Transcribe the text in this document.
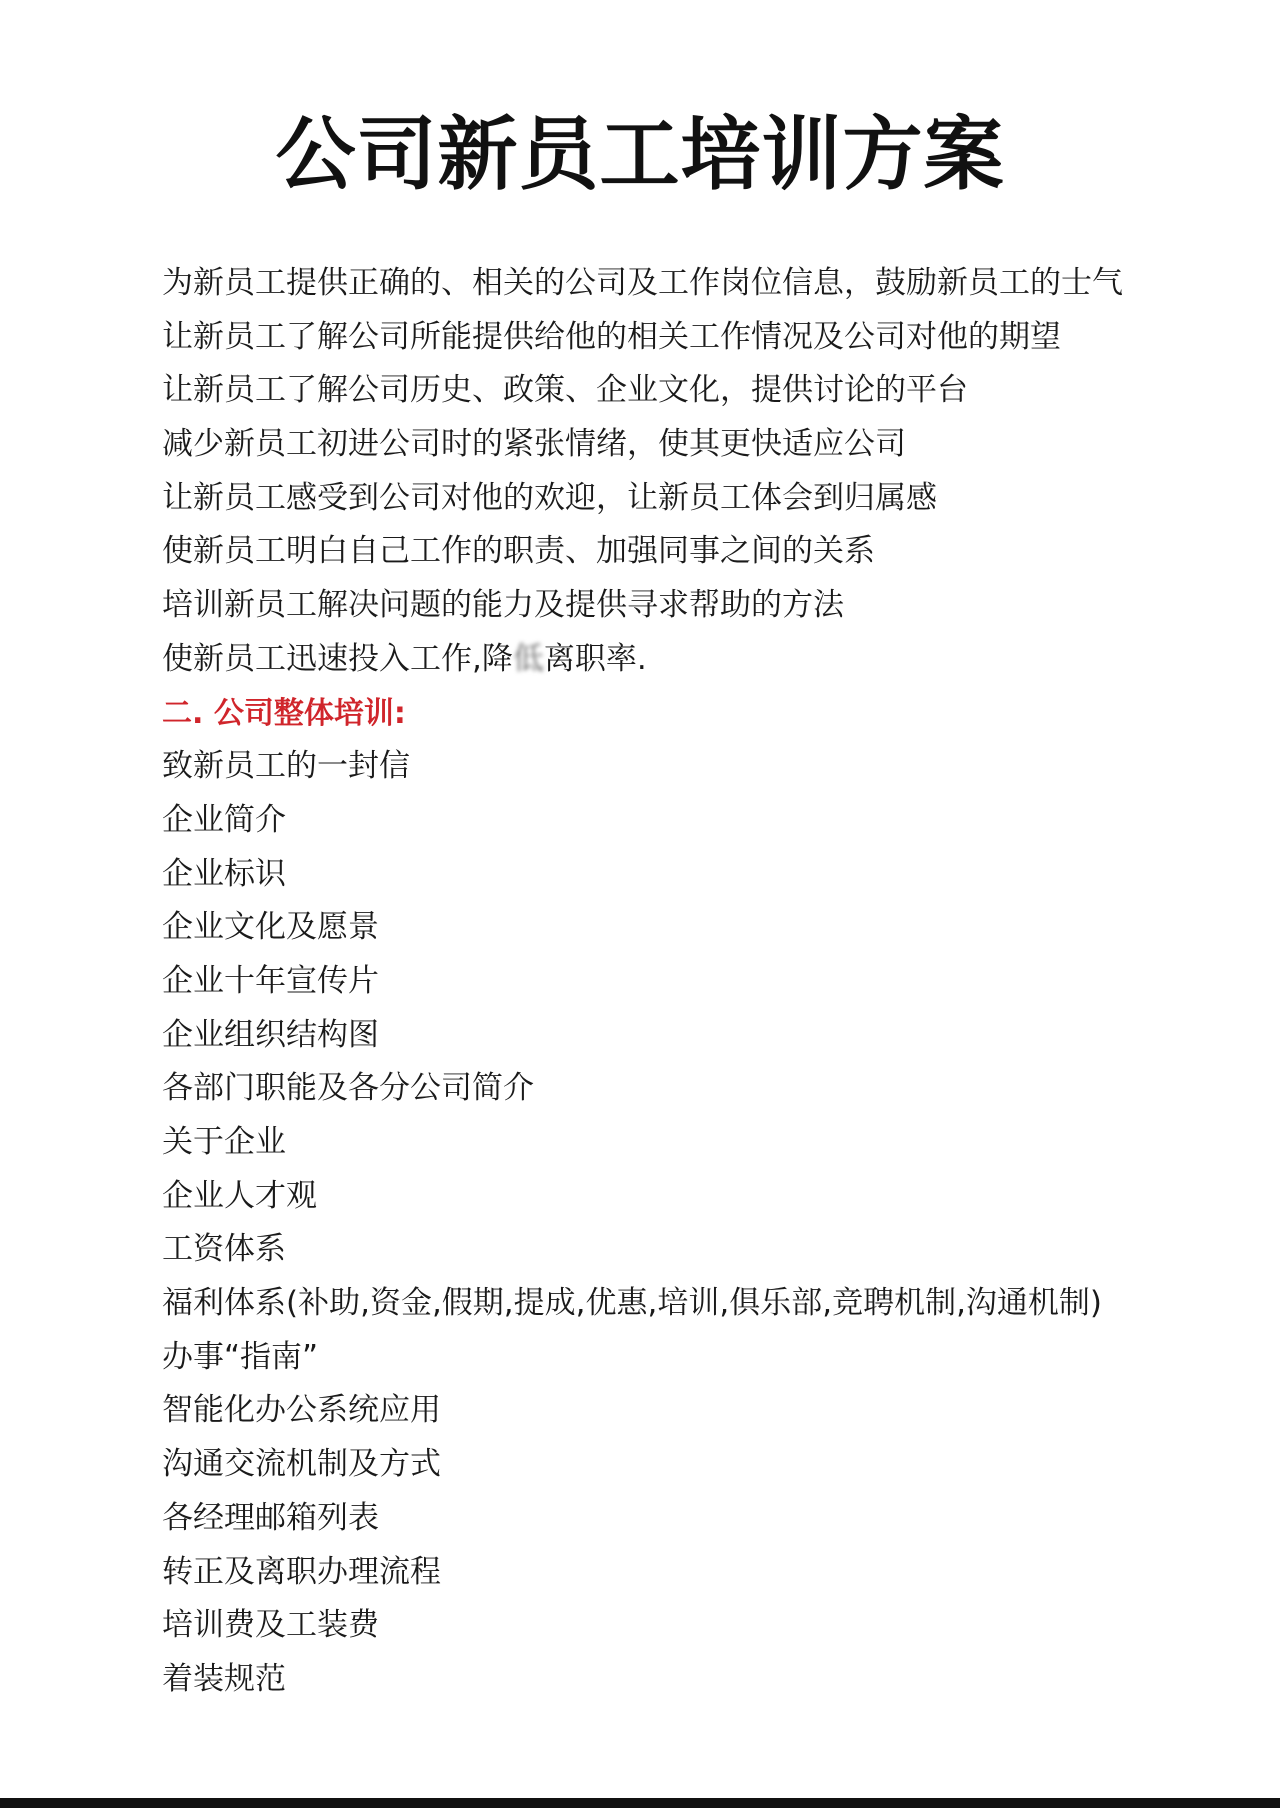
公司新员工培训方案
为新员工提供正确的、相关的公司及工作岗位信息，鼓励新员工的士气
让新员工了解公司所能提供给他的相关工作情况及公司对他的期望
让新员工了解公司历史、政策、企业文化，提供讨论的平台
减少新员工初进公司时的紧张情绪，使其更快适应公司
让新员工感受到公司对他的欢迎，让新员工体会到归属感
使新员工明白自己工作的职责、加强同事之间的关系
培训新员工解决问题的能力及提供寻求帮助的方法
使新员工迅速投入工作,降低离职率.
二. 公司整体培训:
致新员工的一封信
企业简介
企业标识
企业文化及愿景
企业十年宣传片
企业组织结构图
各部门职能及各分公司简介
关于企业
企业人才观
工资体系
福利体系(补助,资金,假期,提成,优惠,培训,俱乐部,竞聘机制,沟通机制)
办事“指南”
智能化办公系统应用
沟通交流机制及方式
各经理邮箱列表
转正及离职办理流程
培训费及工装费
着装规范
